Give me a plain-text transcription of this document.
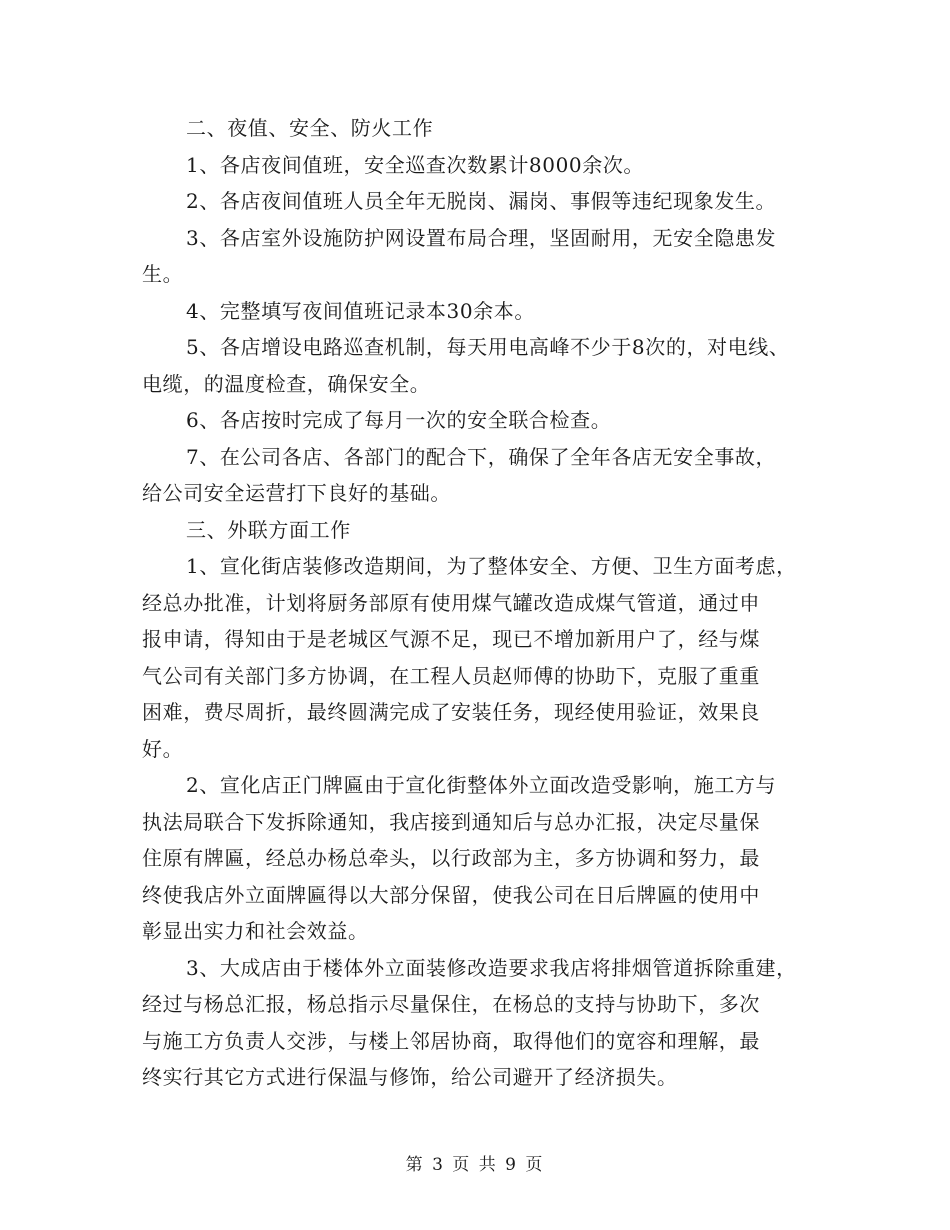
二、夜值、安全、防火工作
1、各店夜间值班，安全巡查次数累计8000余次。
2、各店夜间值班人员全年无脱岗、漏岗、事假等违纪现象发生。
3、各店室外设施防护网设置布局合理，坚固耐用，无安全隐患发
生。
4、完整填写夜间值班记录本30余本。
5、各店增设电路巡查机制，每天用电高峰不少于8次的，对电线、
电缆，的温度检查，确保安全。
6、各店按时完成了每月一次的安全联合检查。
7、在公司各店、各部门的配合下，确保了全年各店无安全事故，
给公司安全运营打下良好的基础。
三、外联方面工作
1、宣化街店装修改造期间，为了整体安全、方便、卫生方面考虑，
经总办批准，计划将厨务部原有使用煤气罐改造成煤气管道，通过申
报申请，得知由于是老城区气源不足，现已不增加新用户了，经与煤
气公司有关部门多方协调，在工程人员赵师傅的协助下，克服了重重
困难，费尽周折，最终圆满完成了安装任务，现经使用验证，效果良
好。
2、宣化店正门牌匾由于宣化街整体外立面改造受影响，施工方与
执法局联合下发拆除通知，我店接到通知后与总办汇报，决定尽量保
住原有牌匾，经总办杨总牵头，以行政部为主，多方协调和努力，最
终使我店外立面牌匾得以大部分保留，使我公司在日后牌匾的使用中
彰显出实力和社会效益。
3、大成店由于楼体外立面装修改造要求我店将排烟管道拆除重建，
经过与杨总汇报，杨总指示尽量保住，在杨总的支持与协助下，多次
与施工方负责人交涉，与楼上邻居协商，取得他们的宽容和理解，最
终实行其它方式进行保温与修饰，给公司避开了经济损失。
第 3 页 共 9 页
